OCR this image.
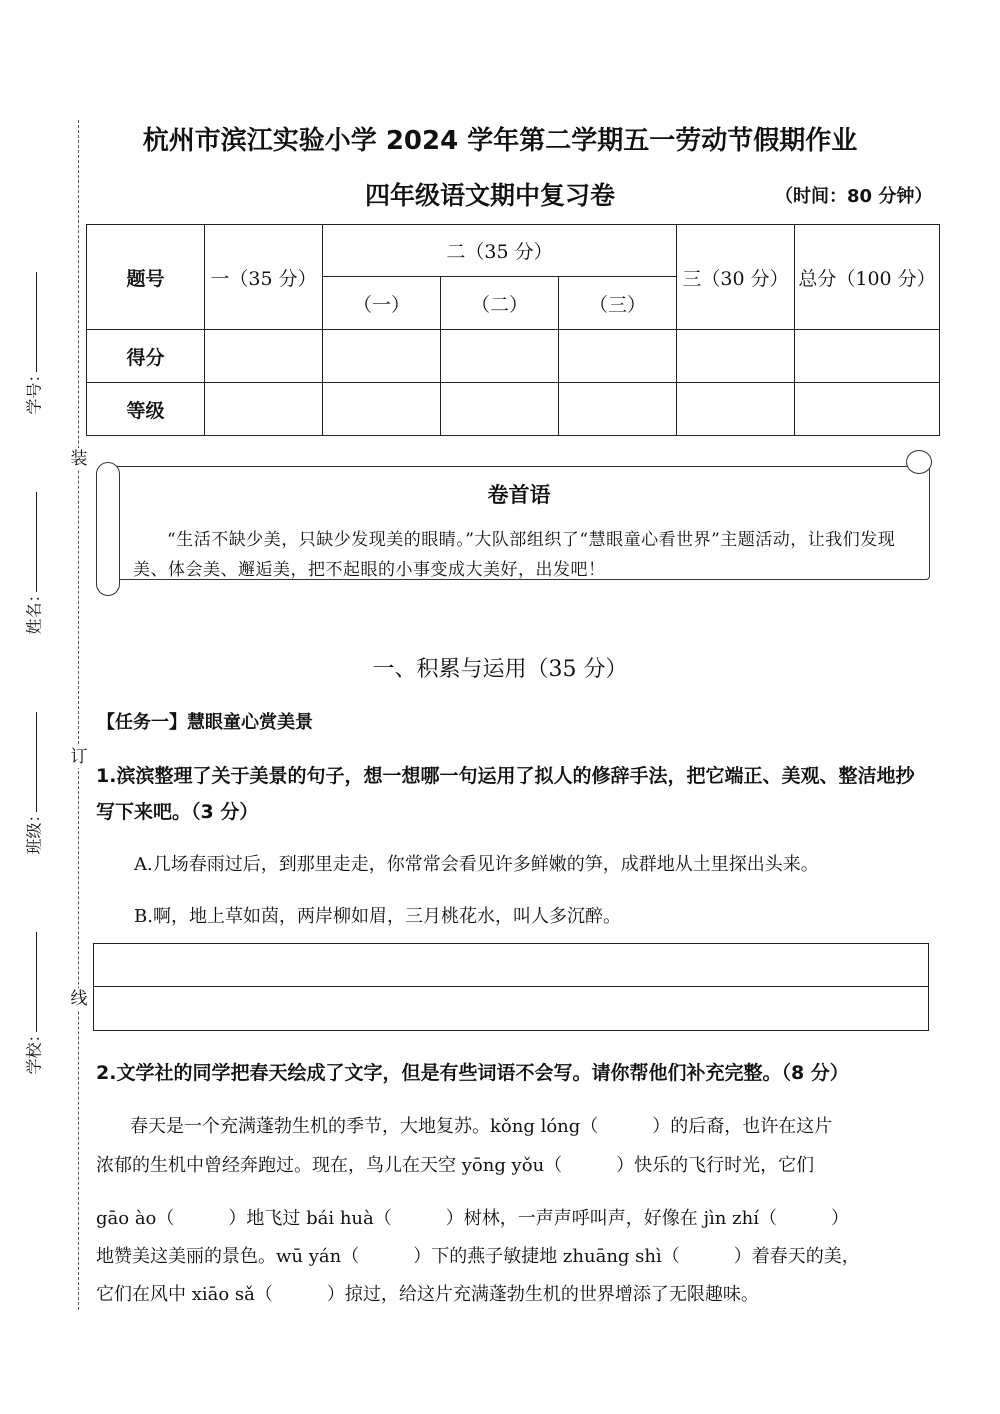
装
订
线
学号：
姓名：
班级：
学校：
杭州市滨江实验小学 2024 学年第二学期五一劳动节假期作业
四年级语文期中复习卷	（时间：80 分钟）
题号	一（35 分）	二（35 分）			三（30 分）	总分（100 分）
		（一）	（二）	（三）		
得分						
等级						
卷首语
“生活不缺少美，只缺少发现美的眼睛。”大队部组织了“慧眼童心看世界”主题活动，让我们发现美、体会美、邂逅美，把不起眼的小事变成大美好，出发吧！
一、积累与运用（35 分）
【任务一】慧眼童心赏美景
1.滨滨整理了关于美景的句子，想一想哪一句运用了拟人的修辞手法，把它端正、美观、整洁地抄写下来吧。（3 分）
A.几场春雨过后，到那里走走，你常常会看见许多鲜嫩的笋，成群地从土里探出头来。
B.啊，地上草如茵，两岸柳如眉，三月桃花水，叫人多沉醉。
2.文学社的同学把春天绘成了文字，但是有些词语不会写。请你帮他们补充完整。（8 分）
春天是一个充满蓬勃生机的季节，大地复苏。kǒng lóng（　　　）的后裔，也许在这片
浓郁的生机中曾经奔跑过。现在，鸟儿在天空 yōng yǒu（　　　）快乐的飞行时光，它们
gāo ào（　　　）地飞过 bái huà（　　　）树林，一声声呼叫声，好像在 jìn zhí（　　　）
地赞美这美丽的景色。wū yán（　　　）下的燕子敏捷地 zhuāng shì（　　　）着春天的美，
它们在风中 xiāo sǎ（　　　）掠过，给这片充满蓬勃生机的世界增添了无限趣味。
